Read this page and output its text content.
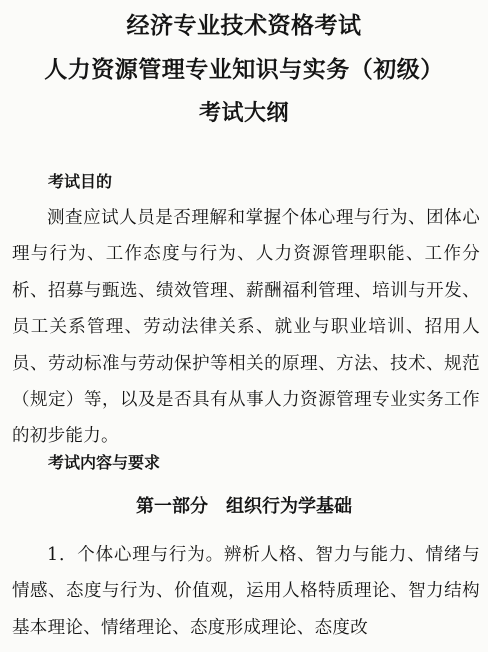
经济专业技术资格考试
人力资源管理专业知识与实务（初级）
考试大纲
考试目的
测查应试人员是否理解和掌握个体心理与行为、团体心理与行为、工作态度与行为、人力资源管理职能、工作分析、招募与甄选、绩效管理、薪酬福利管理、培训与开发、员工关系管理、劳动法律关系、就业与职业培训、招用人员、劳动标准与劳动保护等相关的原理、方法、技术、规范（规定）等，以及是否具有从事人力资源管理专业实务工作的初步能力。
考试内容与要求
第一部分　组织行为学基础
1．个体心理与行为。辨析人格、智力与能力、情绪与情感、态度与行为、价值观，运用人格特质理论、智力结构基本理论、情绪理论、态度形成理论、态度改
